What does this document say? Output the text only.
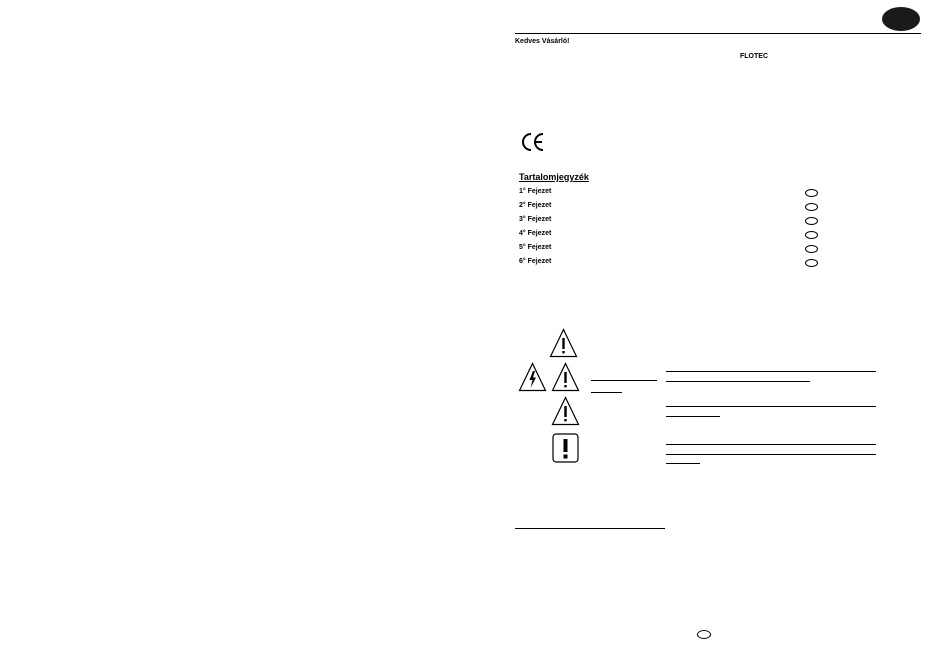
Kedves Vásárló!
FLOTEC
Tartalomjegyzék
1° Fejezet
2° Fejezet
3° Fejezet
4° Fejezet
5° Fejezet
6° Fejezet
